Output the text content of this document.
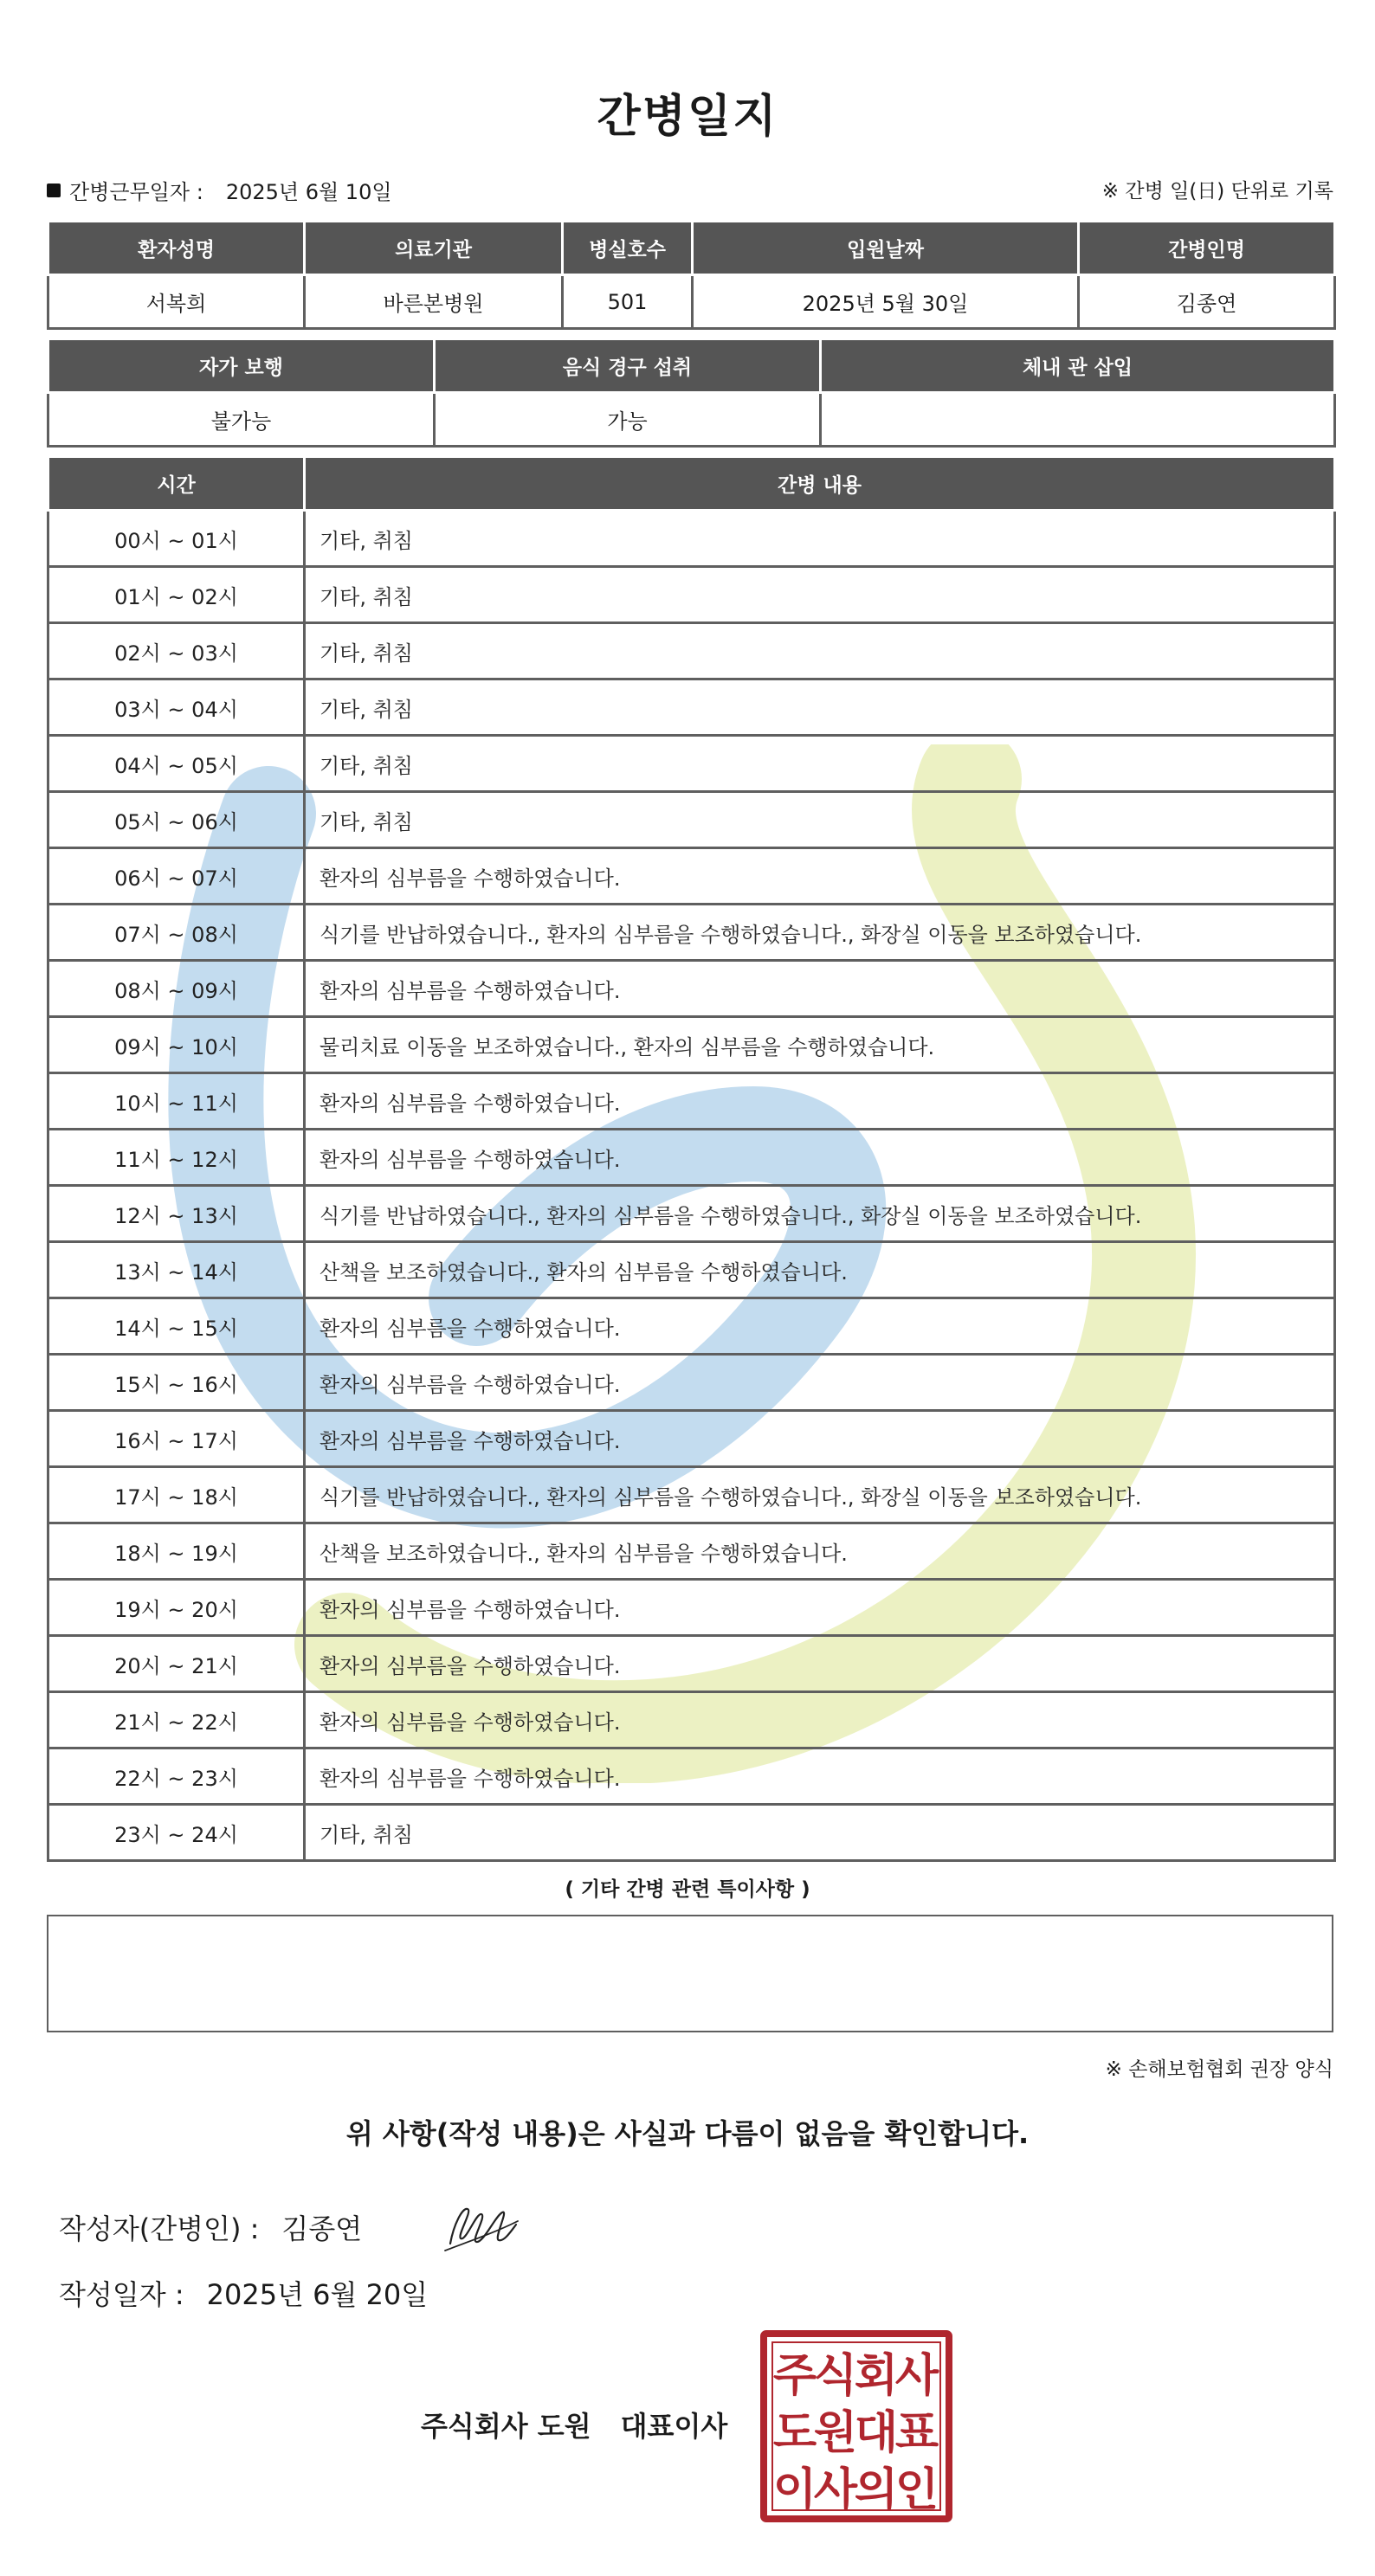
간병일지
간병근무일자 : 2025년 6월 10일	※ 간병 일(日) 단위로 기록
환자성명	의료기관	병실호수	입원날짜	간병인명
서복희	바른본병원	501	2025년 5월 30일	김종연
자가 보행	음식 경구 섭취	체내 관 삽입
불가능	가능	
시간	간병 내용
00시 ~ 01시	기타, 취침
01시 ~ 02시	기타, 취침
02시 ~ 03시	기타, 취침
03시 ~ 04시	기타, 취침
04시 ~ 05시	기타, 취침
05시 ~ 06시	기타, 취침
06시 ~ 07시	환자의 심부름을 수행하였습니다.
07시 ~ 08시	식기를 반납하였습니다., 환자의 심부름을 수행하였습니다., 화장실 이동을 보조하였습니다.
08시 ~ 09시	환자의 심부름을 수행하였습니다.
09시 ~ 10시	물리치료 이동을 보조하였습니다., 환자의 심부름을 수행하였습니다.
10시 ~ 11시	환자의 심부름을 수행하였습니다.
11시 ~ 12시	환자의 심부름을 수행하였습니다.
12시 ~ 13시	식기를 반납하였습니다., 환자의 심부름을 수행하였습니다., 화장실 이동을 보조하였습니다.
13시 ~ 14시	산책을 보조하였습니다., 환자의 심부름을 수행하였습니다.
14시 ~ 15시	환자의 심부름을 수행하였습니다.
15시 ~ 16시	환자의 심부름을 수행하였습니다.
16시 ~ 17시	환자의 심부름을 수행하였습니다.
17시 ~ 18시	식기를 반납하였습니다., 환자의 심부름을 수행하였습니다., 화장실 이동을 보조하였습니다.
18시 ~ 19시	산책을 보조하였습니다., 환자의 심부름을 수행하였습니다.
19시 ~ 20시	환자의 심부름을 수행하였습니다.
20시 ~ 21시	환자의 심부름을 수행하였습니다.
21시 ~ 22시	환자의 심부름을 수행하였습니다.
22시 ~ 23시	환자의 심부름을 수행하였습니다.
23시 ~ 24시	기타, 취침
( 기타 간병 관련 특이사항 )
※ 손해보험협회 권장 양식
위 사항(작성 내용)은 사실과 다름이 없음을 확인합니다.
작성자(간병인) : 김종연
작성일자 : 2025년 6월 20일
주식회사 도원 대표이사
주
식
회
사
도
원
대
표
이
사
의
인
